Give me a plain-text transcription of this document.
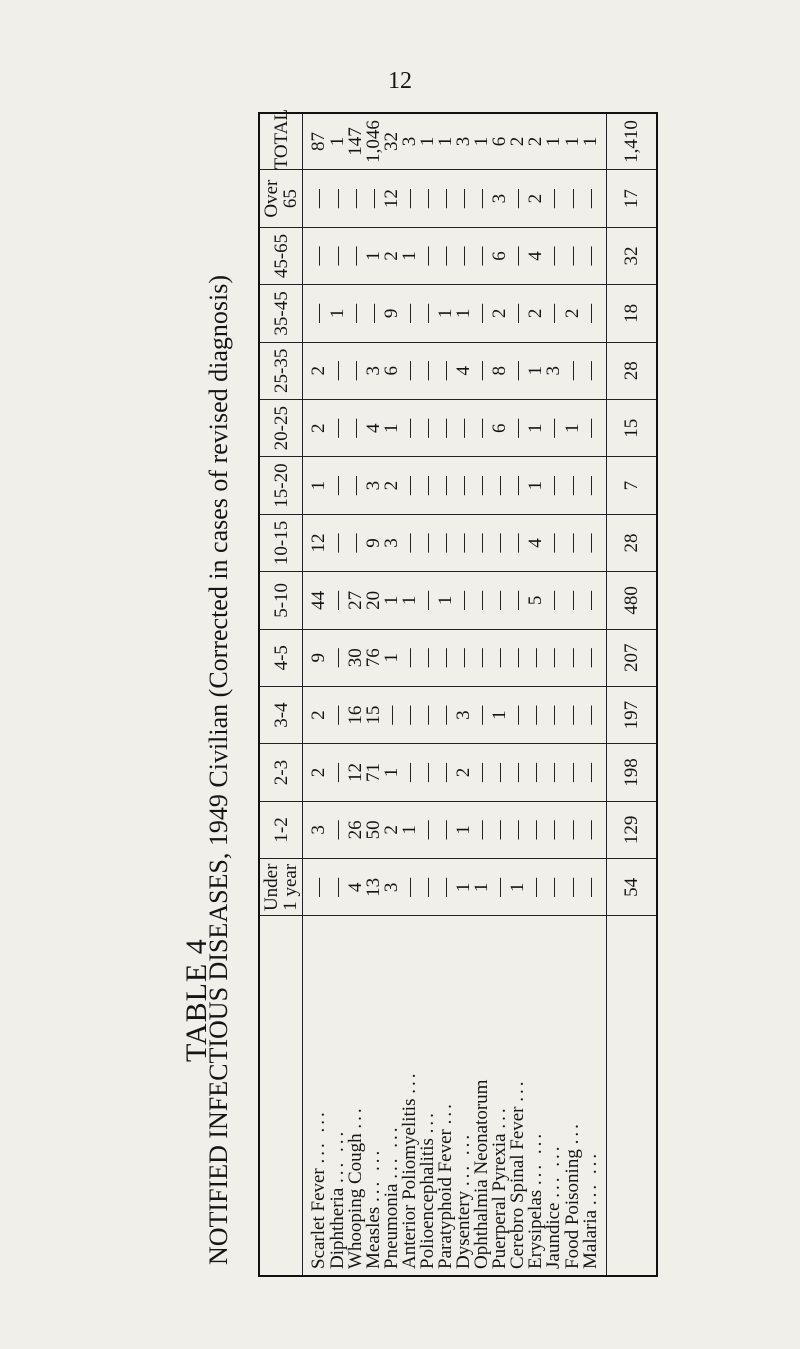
12
TABLE 4
NOTIFIED INFECTIOUS DISEASES, 1949 Civilian (Corrected in cases of revised diagnosis)
	Under 1 year	1-2	2-3	3-4	4-5	5-10	10-15	15-20	20-25	25-35	35-45	45-65	Over 65	TOTAL
Scarlet Fever ... ...	—	3	2	2	9	44	12	1	2	2	—	—	—	87
Diphtheria ... ...	—	—	—	—	—	—	—	—	—	—	1	—	—	1
Whooping Cough ...	4	26	12	16	30	27	—	—	—	—	—	—	—	147
Measles ... ...	13	50	71	15	76	20	9	3	4	3	—	1	—	1,046
Pneumonia ... ...	3	2	1	—	1	1	3	2	1	6	9	2	12	32
Anterior Poliomyelitis ...	—	1	—	—	—	1	—	—	—	—	—	1	—	3
Polioencephalitis ...	—	—	—	—	—	—	—	—	—	—	—	—	—	1
Paratyphoid Fever ...	—	—	—	—	—	1	—	—	—	—	1	—	—	1
Dysentery ... ...	1	1	2	3	—	—	—	—	—	4	1	—	—	3
Ophthalmia Neonatorum	1	—	—	—	—	—	—	—	—	—	—	—	—	1
Puerperal Pyrexia ...	—	—	—	1	—	—	—	—	6	8	2	6	3	6
Cerebro Spinal Fever ...	1	—	—	—	—	—	—	—	—	—	—	—	—	2
Erysipelas ... ...	—	—	—	—	—	5	4	1	1	1	2	4	2	2
Jaundice ... ...	—	—	—	—	—	—	—	—	—	3	—	—	—	1
Food Poisoning ...	—	—	—	—	—	—	—	—	1	—	2	—	—	1
Malaria ... ...	—	—	—	—	—	—	—	—	—	—	—	—	—	1
	54	129	198	197	207	480	28	7	15	28	18	32	17	1,410
